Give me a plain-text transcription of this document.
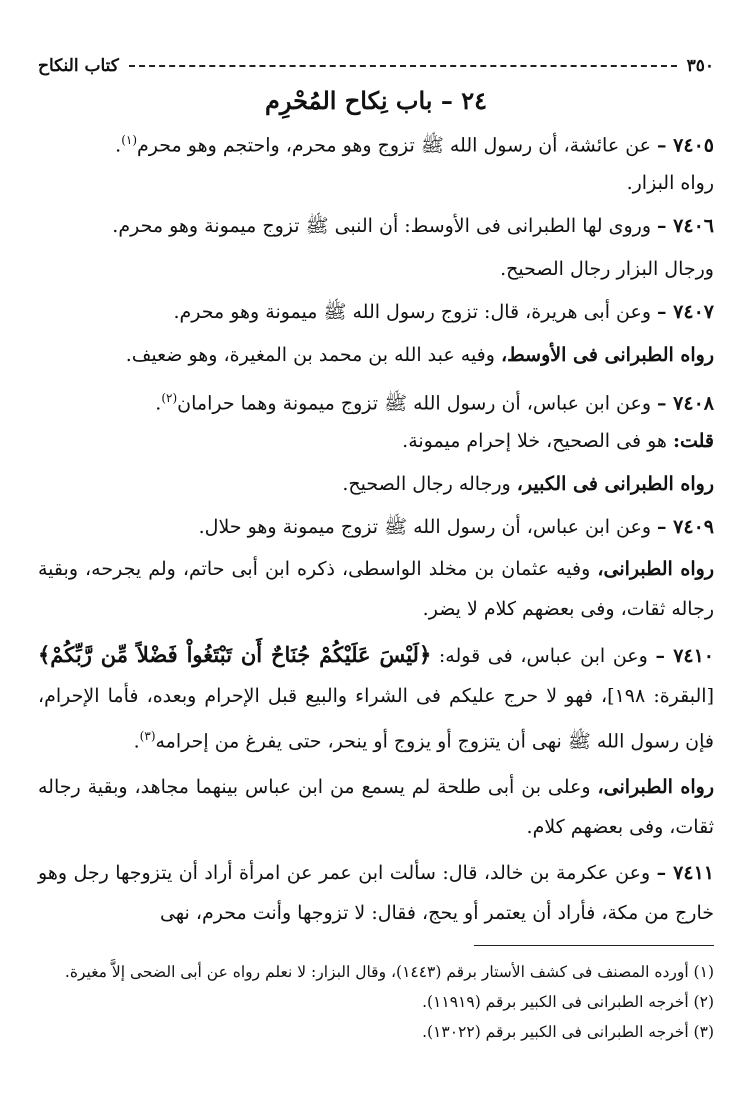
٣٥٠
كتاب النكاح
٢٤ – باب نِكاح المُحْرِم

٧٤٠٥ – عن عائشة، أن رسول الله ﷺ تزوج وهو محرم، واحتجم وهو محرم$^{(١)}$.

رواه البزار.

٧٤٠٦ – وروى لها الطبرانى فى الأوسط: أن النبى ﷺ تزوج ميمونة وهو محرم.

ورجال البزار رجال الصحيح.

٧٤٠٧ – وعن أبى هريرة، قال: تزوج رسول الله ﷺ ميمونة وهو محرم.

رواه الطبرانى فى الأوسط، وفيه عبد الله بن محمد بن المغيرة، وهو ضعيف.

٧٤٠٨ – وعن ابن عباس، أن رسول الله ﷺ تزوج ميمونة وهما حرامان$^{(٢)}$.

قلت: هو فى الصحيح، خلا إحرام ميمونة.

رواه الطبرانى فى الكبير، ورجاله رجال الصحيح.

٧٤٠٩ – وعن ابن عباس، أن رسول الله ﷺ تزوج ميمونة وهو حلال.

رواه الطبرانى، وفيه عثمان بن مخلد الواسطى، ذكره ابن أبى حاتم، ولم يجرحه، وبقية رجاله ثقات، وفى بعضهم كلام لا يضر.

٧٤١٠ – وعن ابن عباس، فى قوله: ﴿لَيْسَ عَلَيْكُمْ جُنَاحٌ أَن تَبْتَغُواْ فَضْلاً مِّن رَّبِّكُمْ﴾ [البقرة: ١٩٨]، فهو لا حرج عليكم فى الشراء والبيع قبل الإحرام وبعده، فأما الإحرام، فإن رسول الله ﷺ نهى أن يتزوج أو يزوج أو ينحر، حتى يفرغ من إحرامه$^{(٣)}$.

رواه الطبرانى، وعلى بن أبى طلحة لم يسمع من ابن عباس بينهما مجاهد، وبقية رجاله ثقات، وفى بعضهم كلام.

٧٤١١ – وعن عكرمة بن خالد، قال: سألت ابن عمر عن امرأة أراد أن يتزوجها رجل وهو خارج من مكة، فأراد أن يعتمر أو يحج، فقال: لا تزوجها وأنت محرم، نهى

(١) أورده المصنف فى كشف الأستار برقم (١٤٤٣)، وقال البزار: لا نعلم رواه عن أبى الضحى إلاَّ مغيرة.

(٢) أخرجه الطبرانى فى الكبير برقم (١١٩١٩).

(٣) أخرجه الطبرانى فى الكبير برقم (١٣٠٢٢).
